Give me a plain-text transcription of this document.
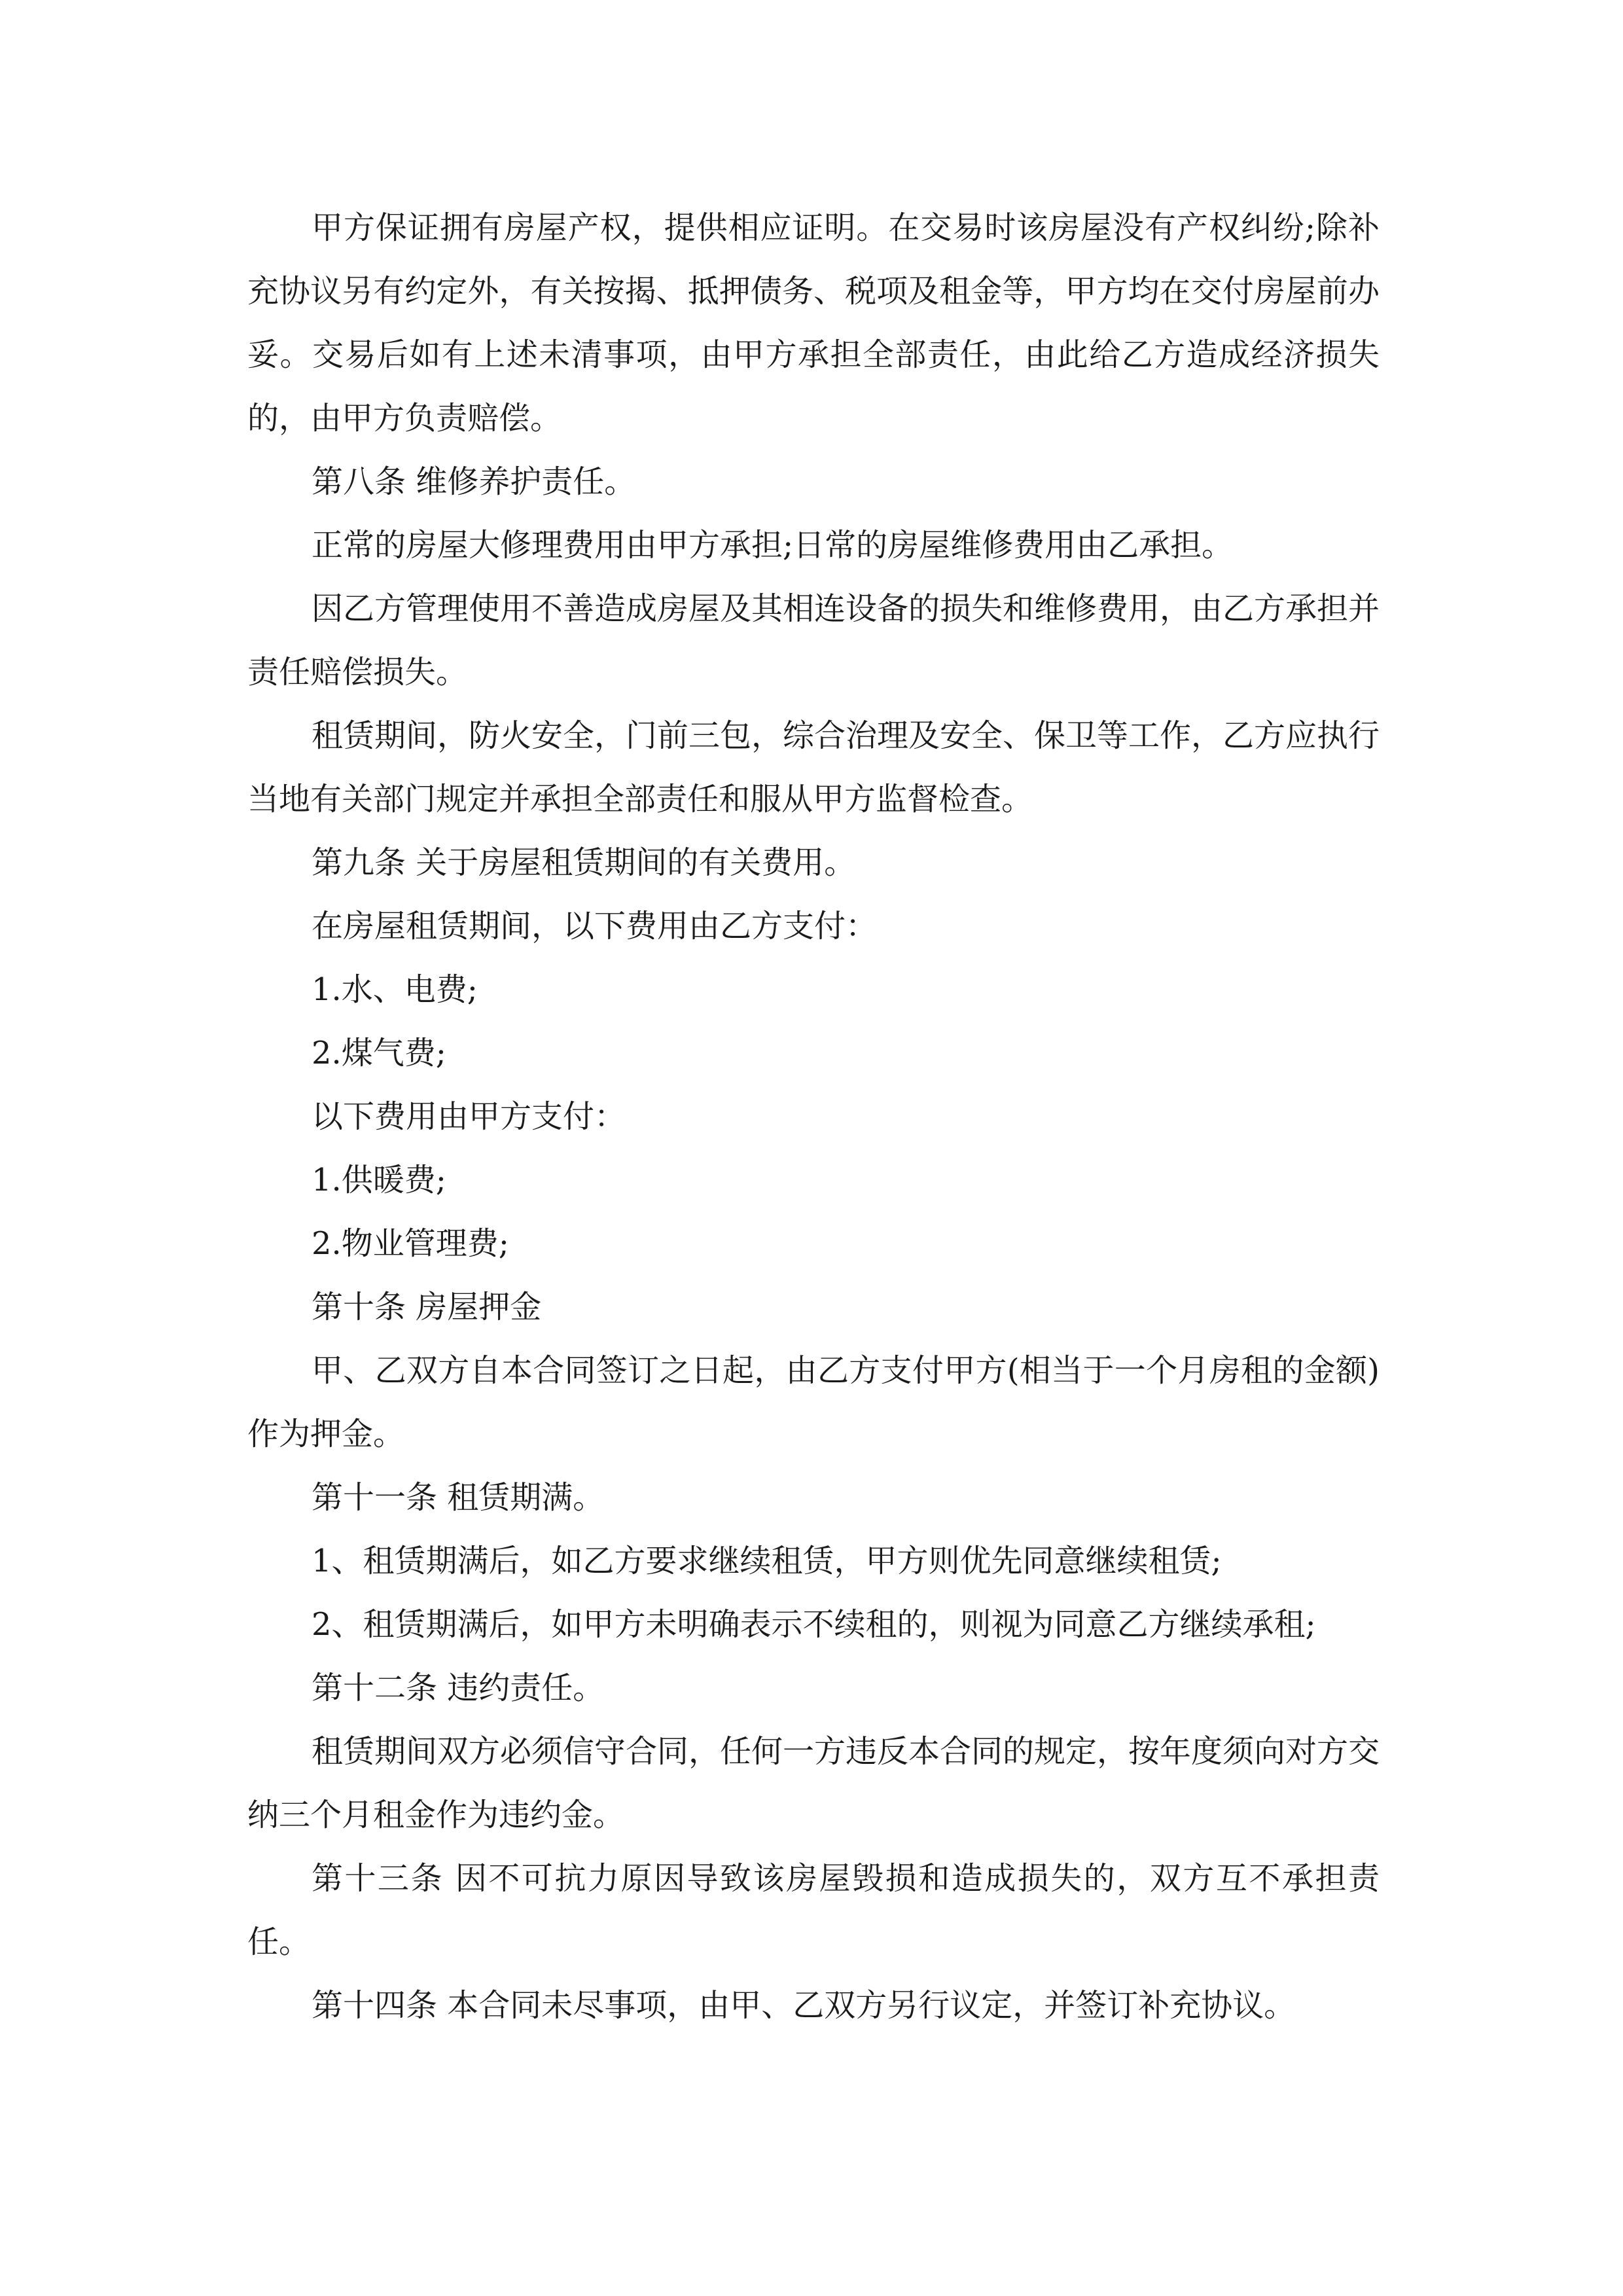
甲方保证拥有房屋产权，提供相应证明。在交易时该房屋没有产权纠纷;除补充协议另有约定外，有关按揭、抵押债务、税项及租金等，甲方均在交付房屋前办妥。交易后如有上述未清事项，由甲方承担全部责任，由此给乙方造成经济损失的，由甲方负责赔偿。

第八条 维修养护责任。

正常的房屋大修理费用由甲方承担;日常的房屋维修费用由乙承担。

因乙方管理使用不善造成房屋及其相连设备的损失和维修费用，由乙方承担并责任赔偿损失。

租赁期间，防火安全，门前三包，综合治理及安全、保卫等工作，乙方应执行当地有关部门规定并承担全部责任和服从甲方监督检查。

第九条 关于房屋租赁期间的有关费用。

在房屋租赁期间，以下费用由乙方支付：

1.水、电费;

2.煤气费;

以下费用由甲方支付：

1.供暖费;

2.物业管理费;

第十条 房屋押金

甲、乙双方自本合同签订之日起，由乙方支付甲方(相当于一个月房租的金额)作为押金。

第十一条 租赁期满。

1、租赁期满后，如乙方要求继续租赁，甲方则优先同意继续租赁;

2、租赁期满后，如甲方未明确表示不续租的，则视为同意乙方继续承租;

第十二条 违约责任。

租赁期间双方必须信守合同，任何一方违反本合同的规定，按年度须向对方交纳三个月租金作为违约金。

第十三条 因不可抗力原因导致该房屋毁损和造成损失的，双方互不承担责任。

第十四条 本合同未尽事项，由甲、乙双方另行议定，并签订补充协议。
